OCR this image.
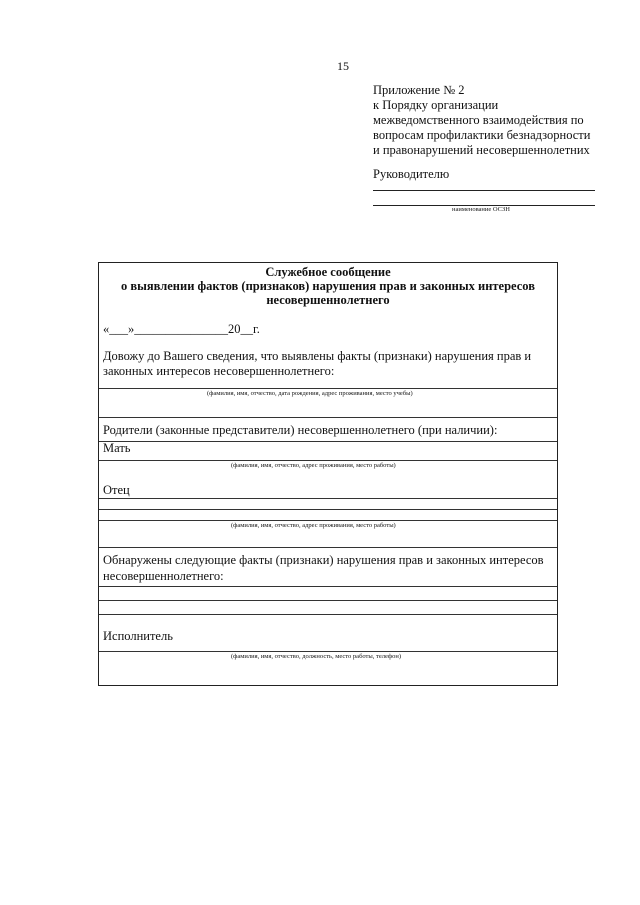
15
Приложение № 2
к Порядку организации
межведомственного взаимодействия по
вопросам профилактики безнадзорности
и правонарушений несовершеннолетних
Руководителю
наименование ОСЗН
Служебное сообщение
о выявлении фактов (признаков) нарушения прав и законных интересов
несовершеннолетнего
«___»_______________20__г.
Довожу до Вашего сведения, что выявлены факты (признаки) нарушения прав и
законных интересов несовершеннолетнего:
(фамилия, имя, отчество, дата рождения, адрес проживания, место учебы)
Родители (законные представители) несовершеннолетнего (при наличии):
Мать
(фамилия, имя, отчество, адрес проживания, место работы)
Отец
(фамилия, имя, отчество, адрес проживания, место работы)
Обнаружены следующие факты (признаки) нарушения прав и законных интересов
несовершеннолетнего:
Исполнитель
(фамилия, имя, отчество, должность, место работы, телефон)
